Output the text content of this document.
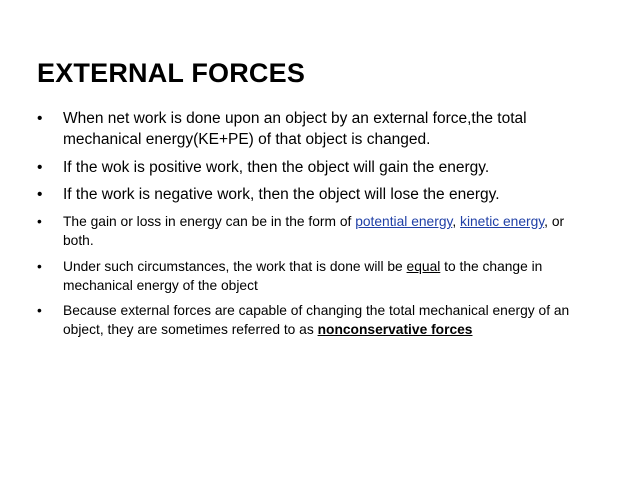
EXTERNAL FORCES
• When net work is done upon an object by an external force,the total mechanical energy(KE+PE) of that object is changed.
• If the wok is positive work, then the object will gain the energy.
• If the work is negative work, then the object will lose the energy.
• The gain or loss in energy can be in the form of potential energy, kinetic energy, or both.
• Under such circumstances, the work that is done will be equal to the change in mechanical energy of the object
• Because external forces are capable of changing the total mechanical energy of an object, they are sometimes referred to as nonconservative forces
